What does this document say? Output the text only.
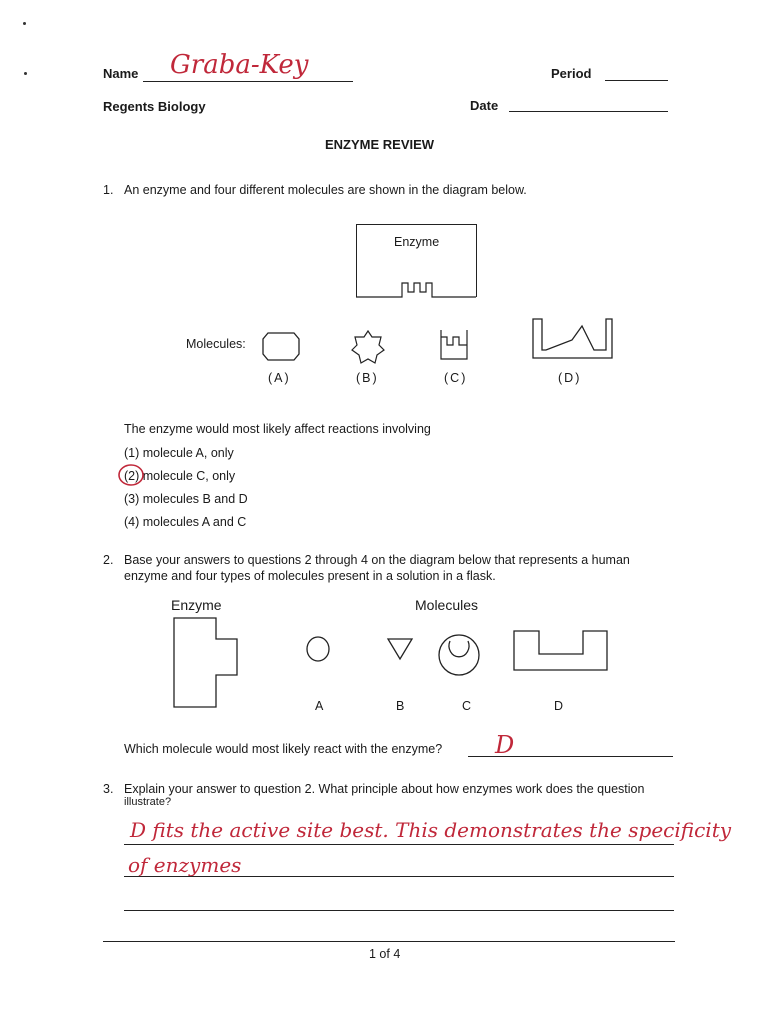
Name Graba-Key	Period
Regents Biology	Date
ENZYME REVIEW
1. An enzyme and four different molecules are shown in the diagram below.
Enzyme
Molecules:
(A)	(B)	(C)	(D)
The enzyme would most likely affect reactions involving
(1) molecule A, only
(2) molecule C, only
(3) molecules B and D
(4) molecules A and C
2. Base your answers to questions 2 through 4 on the diagram below that represents a human
enzyme and four types of molecules present in a solution in a flask.
Enzyme	Molecules
A	B	C	D
Which molecule would most likely react with the enzyme? D
3. Explain your answer to question 2. What principle about how enzymes work does the question
illustrate?
D fits the active site best. This demonstrates the specificity
of enzymes
1 of 4
